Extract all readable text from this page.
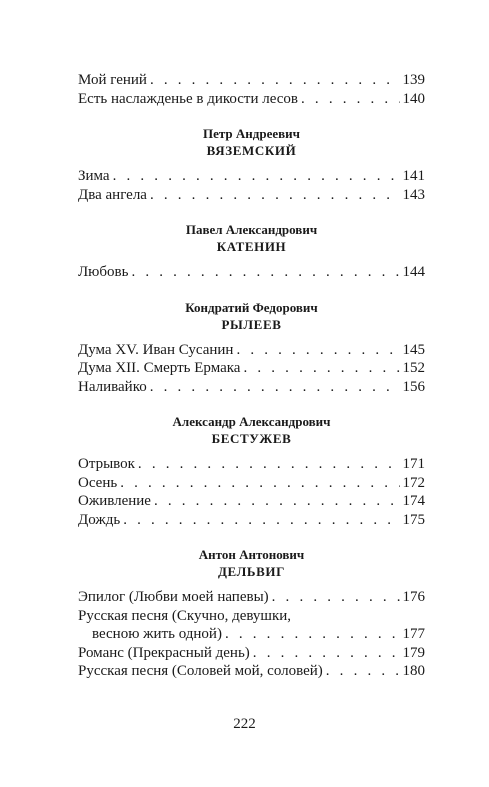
Мой гений . . .	139
Есть наслажденье в дикости лесов . . .	140
Петр Андреевич
ВЯЗЕМСКИЙ
Зима . . .	141
Два ангела . . .	143
Павел Александрович
КАТЕНИН
Любовь . . .	144
Кондратий Федорович
РЫЛЕЕВ
Дума XV. Иван Сусанин . . .	145
Дума XII. Смерть Ермака . . .	152
Наливайко . . .	156
Александр Александрович
БЕСТУЖЕВ
Отрывок . . .	171
Осень . . .	172
Оживление . . .	174
Дождь . . .	175
Антон Антонович
ДЕЛЬВИГ
Эпилог (Любви моей напевы) . . .	176
Русская песня (Скучно, девушки,
весною жить одной) . . .	177
Романс (Прекрасный день) . . .	179
Русская песня (Соловей мой, соловей) . . .	180
222
